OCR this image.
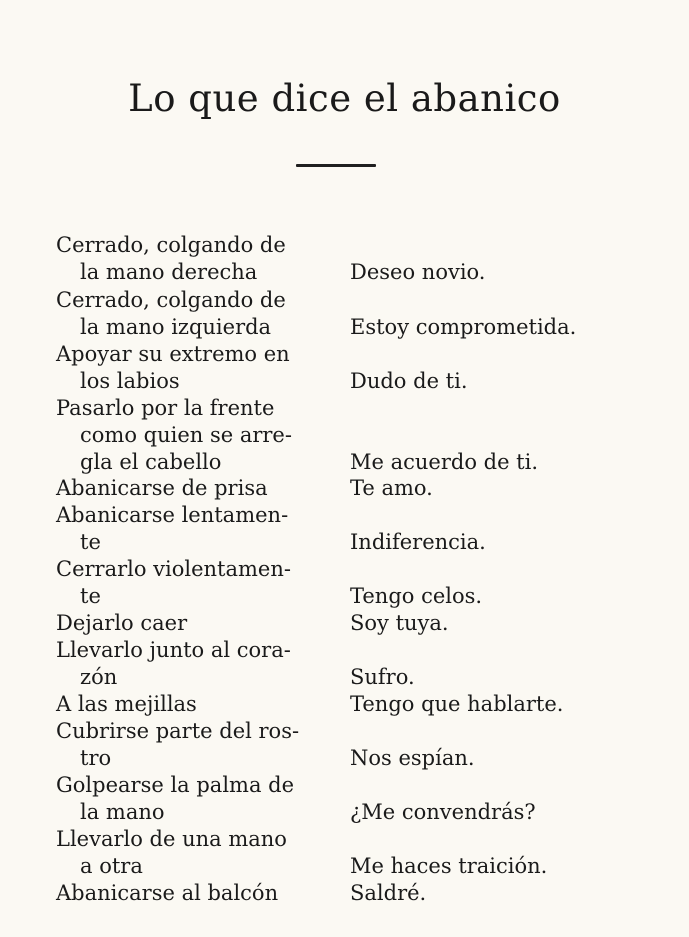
Lo que dice el abanico
Cerrado, colgando de
la mano derecha	Deseo novio.
Cerrado, colgando de
la mano izquierda	Estoy comprometida.
Apoyar su extremo en
los labios	Dudo de ti.
Pasarlo por la frente
como quien se arre-
gla el cabello	Me acuerdo de ti.
Abanicarse de prisa	Te amo.
Abanicarse lentamen-
te	Indiferencia.
Cerrarlo violentamen-
te	Tengo celos.
Dejarlo caer	Soy tuya.
Llevarlo junto al cora-
zón	Sufro.
A las mejillas	Tengo que hablarte.
Cubrirse parte del ros-
tro	Nos espían.
Golpearse la palma de
la mano	¿Me convendrás?
Llevarlo de una mano
a otra	Me haces traición.
Abanicarse al balcón	Saldré.
